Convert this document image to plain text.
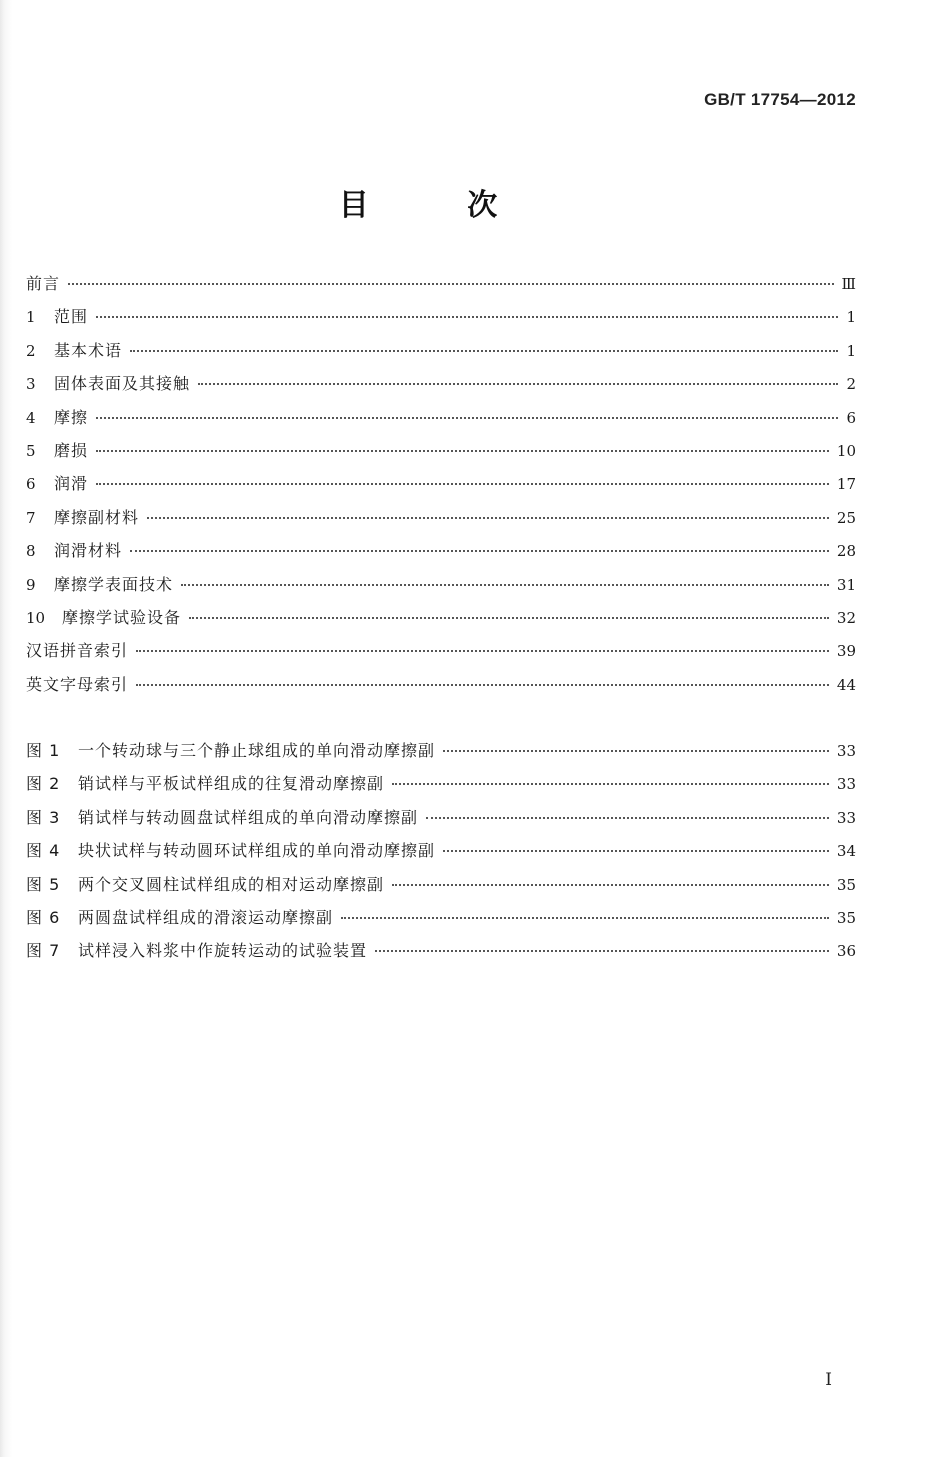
GB/T 17754—2012
目 次
前言	Ⅲ
1	范围	1
2	基本术语	1
3	固体表面及其接触	2
4	摩擦	6
5	磨损	10
6	润滑	17
7	摩擦副材料	25
8	润滑材料	28
9	摩擦学表面技术	31
10	摩擦学试验设备	32
汉语拼音索引	39
英文字母索引	44
图 1	一个转动球与三个静止球组成的单向滑动摩擦副	33
图 2	销试样与平板试样组成的往复滑动摩擦副	33
图 3	销试样与转动圆盘试样组成的单向滑动摩擦副	33
图 4	块状试样与转动圆环试样组成的单向滑动摩擦副	34
图 5	两个交叉圆柱试样组成的相对运动摩擦副	35
图 6	两圆盘试样组成的滑滚运动摩擦副	35
图 7	试样浸入料浆中作旋转运动的试验装置	36
I
